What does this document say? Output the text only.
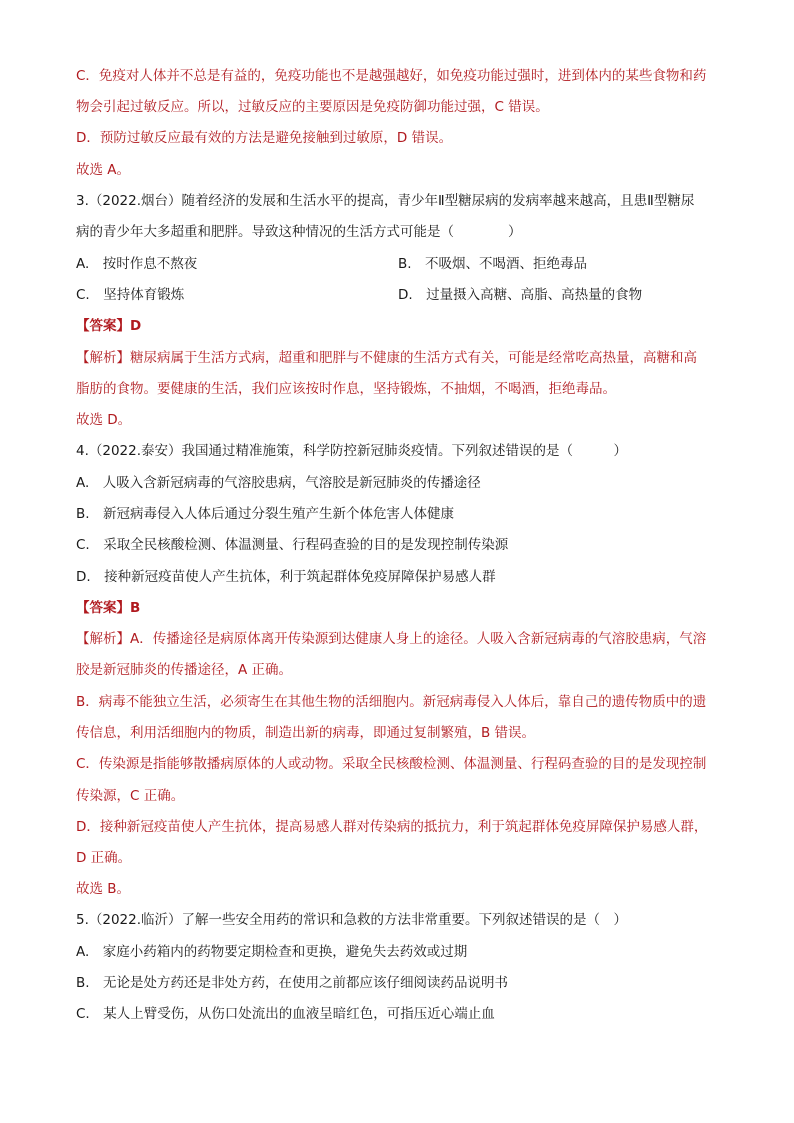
C．免疫对人体并不总是有益的，免疫功能也不是越强越好，如免疫功能过强时，进到体内的某些食物和药
物会引起过敏反应。所以，过敏反应的主要原因是免疫防御功能过强，C 错误。
D．预防过敏反应最有效的方法是避免接触到过敏原，D 错误。
故选 A。
3.（2022.烟台）随着经济的发展和生活水平的提高，青少年Ⅱ型糖尿病的发病率越来越高，且患Ⅱ型糖尿
病的青少年大多超重和肥胖。导致这种情况的生活方式可能是（　　　　）
A.　按时作息不熬夜	B.　不吸烟、不喝酒、拒绝毒品
C.　坚持体育锻炼	D.　过量摄入高糖、高脂、高热量的食物
【答案】D
【解析】糖尿病属于生活方式病，超重和肥胖与不健康的生活方式有关，可能是经常吃高热量，高糖和高
脂肪的食物。要健康的生活，我们应该按时作息，坚持锻炼，不抽烟，不喝酒，拒绝毒品。
故选 D。
4.（2022.泰安）我国通过精准施策，科学防控新冠肺炎疫情。下列叙述错误的是（　　　）
A.　人吸入含新冠病毒的气溶胶患病，气溶胶是新冠肺炎的传播途径
B.　新冠病毒侵入人体后通过分裂生殖产生新个体危害人体健康
C.　采取全民核酸检测、体温测量、行程码查验的目的是发现控制传染源
D.　接种新冠疫苗使人产生抗体，利于筑起群体免疫屏障保护易感人群
【答案】B
【解析】A．传播途径是病原体离开传染源到达健康人身上的途径。人吸入含新冠病毒的气溶胶患病，气溶
胶是新冠肺炎的传播途径，A 正确。
B．病毒不能独立生活，必须寄生在其他生物的活细胞内。新冠病毒侵入人体后，靠自己的遗传物质中的遗
传信息，利用活细胞内的物质，制造出新的病毒，即通过复制繁殖，B 错误。
C．传染源是指能够散播病原体的人或动物。采取全民核酸检测、体温测量、行程码查验的目的是发现控制
传染源，C 正确。
D．接种新冠疫苗使人产生抗体，提高易感人群对传染病的抵抗力，利于筑起群体免疫屏障保护易感人群，
D 正确。
故选 B。
5.（2022.临沂）了解一些安全用药的常识和急救的方法非常重要。下列叙述错误的是（　）
A.　家庭小药箱内的药物要定期检查和更换，避免失去药效或过期
B.　无论是处方药还是非处方药，在使用之前都应该仔细阅读药品说明书
C.　某人上臂受伤，从伤口处流出的血液呈暗红色，可指压近心端止血
